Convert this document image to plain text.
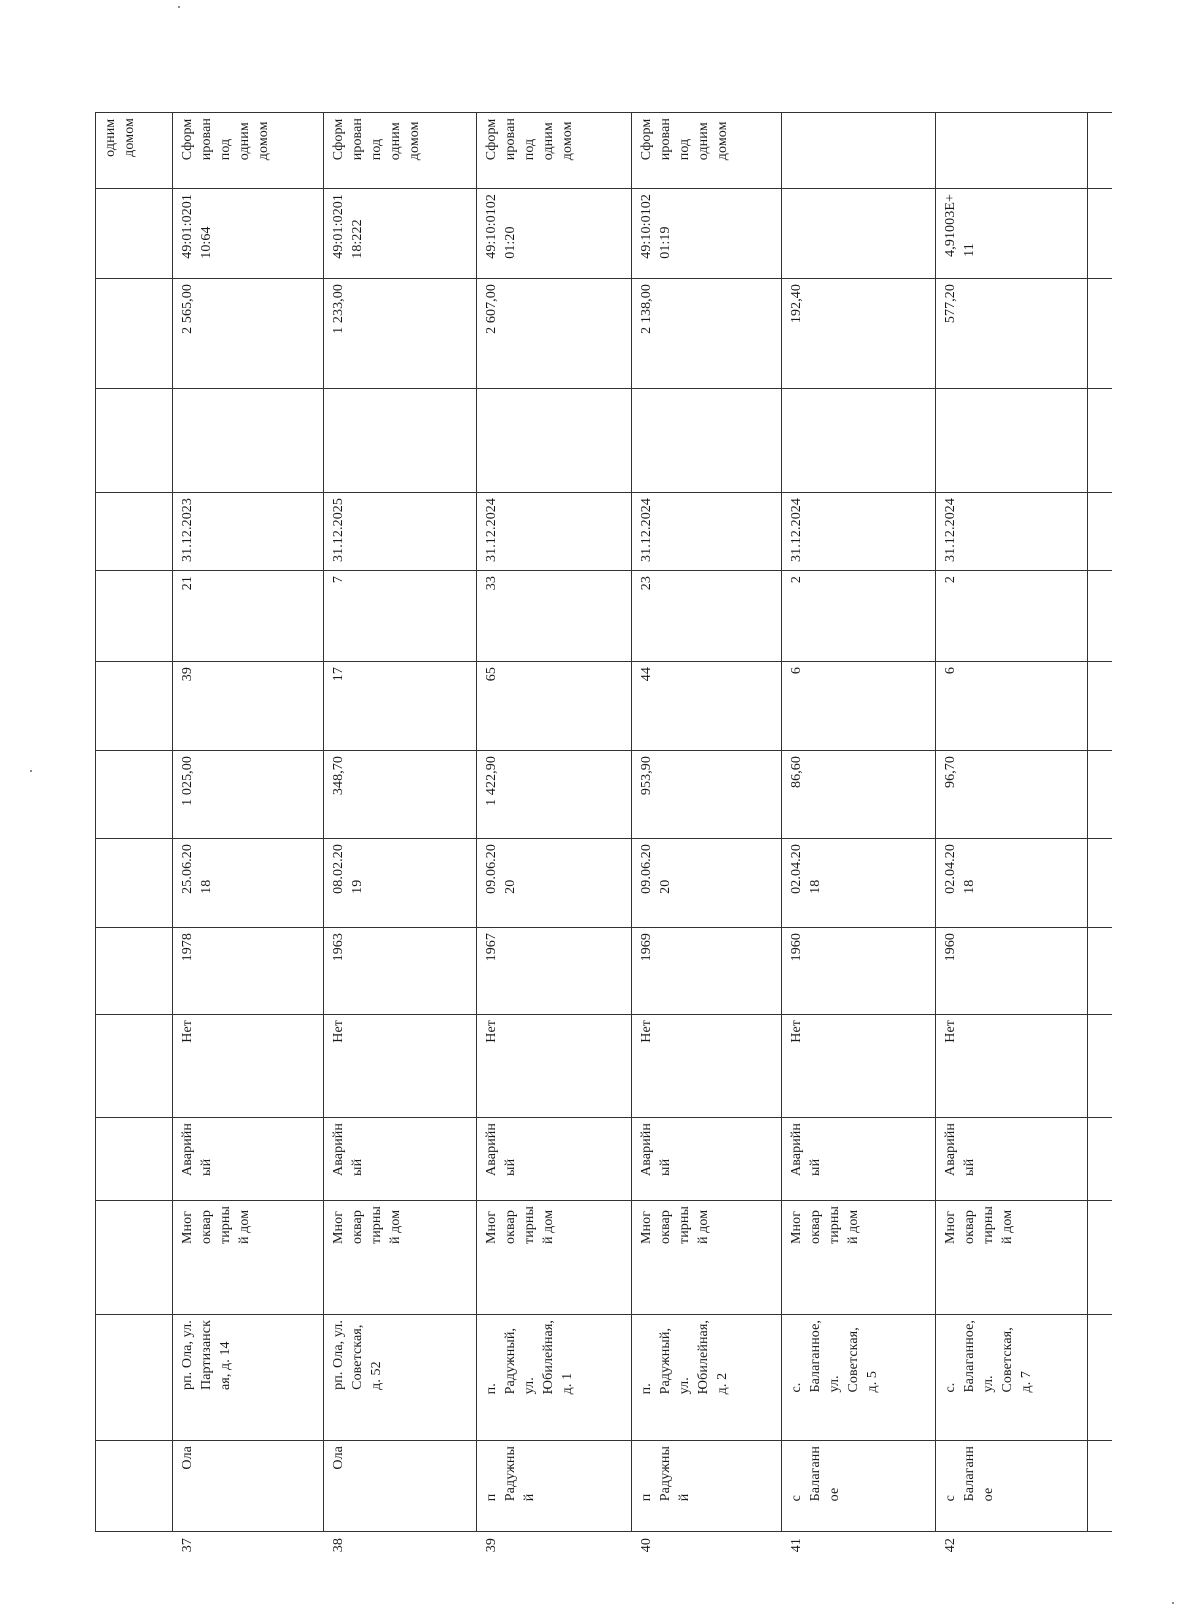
одним
домом
37
Ола
рп. Ола, ул.
Партизанск
ая, д. 14
Мног
оквар
тирны
й дом
Аварийн
ый
Нет
1978
25.06.20
18
1 025,00
39
21
31.12.2023
2 565,00
49:01:0201
10:64
Сформ
ирован
под
одним
домом
38
Ола
рп. Ола, ул.
Советская,
д. 52
Мног
оквар
тирны
й дом
Аварийн
ый
Нет
1963
08.02.20
19
348,70
17
7
31.12.2025
1 233,00
49:01:0201
18:222
Сформ
ирован
под
одним
домом
39
п
Радужны
й
п.
Радужный,
ул.
Юбилейная,
д. 1
Мног
оквар
тирны
й дом
Аварийн
ый
Нет
1967
09.06.20
20
1 422,90
65
33
31.12.2024
2 607,00
49:10:0102
01:20
Сформ
ирован
под
одним
домом
40
п
Радужны
й
п.
Радужный,
ул.
Юбилейная,
д. 2
Мног
оквар
тирны
й дом
Аварийн
ый
Нет
1969
09.06.20
20
953,90
44
23
31.12.2024
2 138,00
49:10:0102
01:19
Сформ
ирован
под
одним
домом
41
с
Балаганн
ое
с.
Балаганное,
ул.
Советская,
д. 5
Мног
оквар
тирны
й дом
Аварийн
ый
Нет
1960
02.04.20
18
86,60
6
2
31.12.2024
192,40
42
с
Балаганн
ое
с.
Балаганное,
ул.
Советская,
д. 7
Мног
оквар
тирны
й дом
Аварийн
ый
Нет
1960
02.04.20
18
96,70
6
2
31.12.2024
577,20
4,91003E+
11
